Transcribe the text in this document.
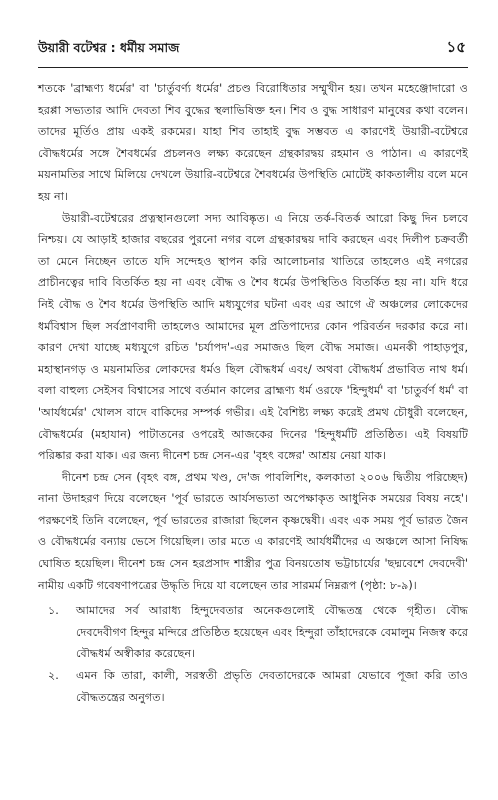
উয়ারী বটেশ্বর : ধর্মীয় সমাজ	১৫

শতকে 'ব্রাহ্মণ্য ধর্মের' বা 'চার্তুবর্ণ্য ধর্মের' প্রচণ্ড বিরোধিতার সম্মুখীন হয়। তখন মহেঞ্জোদারো ও হরপ্পা সভ্যতার আদি দেবতা শিব বুদ্ধের স্থলাভিষিক্ত হন। শিব ও বুদ্ধ সাধারণ মানুষের কথা বলেন। তাদের মূর্তিও প্রায় একই রকমের। যাহা শিব তাহাই বুদ্ধ সম্ভবত এ কারণেই উয়ারী-বটেশ্বরে বৌদ্ধধর্মের সঙ্গে শৈবধর্মের প্রচলনও লক্ষ্য করেছেন গ্রন্থকারদ্বয় রহমান ও পাঠান। এ কারণেই ময়নামতির সাথে মিলিয়ে দেখলে উয়ারি-বটেশ্বরে শৈবধর্মের উপস্থিতি মোটেই কাকতালীয় বলে মনে হয় না।

উয়ারী-বটেশ্বরের প্রত্নস্থানগুলো সদ্য আবিষ্কৃত। এ নিয়ে তর্ক-বিতর্ক আরো কিছু দিন চলবে নিশ্চয়। যে আড়াই হাজার বছরের পুরনো নগর বলে গ্রন্থকারদ্বয় দাবি করছেন এবং দিলীপ চক্রবর্তী তা মেনে নিচ্ছেন তাতে যদি সন্দেহও স্থাপন করি আলোচনার খাতিরে তাহলেও এই নগরের প্রাচীনত্বের দাবি বিতর্কিত হয় না এবং বৌদ্ধ ও শৈব ধর্মের উপস্থিতিও বিতর্কিত হয় না। যদি ধরে নিই বৌদ্ধ ও শৈব ধর্মের উপস্থিতি আদি মধ্যযুগের ঘটনা এবং এর আগে ঐ অঞ্চলের লোকেদের ধর্মবিশ্বাস ছিল সর্বপ্রাণবাদী তাহলেও আমাদের মূল প্রতিপাদ্যের কোন পরিবর্তন দরকার করে না। কারণ দেখা যাচ্ছে মধ্যযুগে রচিত 'চর্যাপদ'-এর সমাজও ছিল বৌদ্ধ সমাজ। এমনকী পাহাড়পুর, মহাস্থানগড় ও ময়নামতির লোকদের ধর্মও ছিল বৌদ্ধধর্ম এবং/ অথবা বৌদ্ধধর্ম প্রভাবিত নাথ ধর্ম। বলা বাহুল্য সেইসব বিশ্বাসের সাথে বর্তমান কালের ব্রাহ্মণ্য ধর্ম ওরফে 'হিন্দুধর্ম' বা 'চাতুর্বর্ণ ধর্ম' বা 'আর্যধর্মের' খোলস বাদে বাকিদের সম্পর্ক গভীর। এই বৈশিষ্ট্য লক্ষ্য করেই প্রমথ চৌধুরী বলেছেন, বৌদ্ধধর্মের (মহাযান) পাটাতনের ওপরেই আজকের দিনের 'হিন্দুধর্মটি প্রতিষ্ঠিত। এই বিষয়টি পরিষ্কার করা যাক। এর জন্য দীনেশ চন্দ্র সেন-এর 'বৃহৎ বঙ্গের' আশ্রয় নেয়া যাক।

দীনেশ চন্দ্র সেন (বৃহৎ বঙ্গ, প্রথম খণ্ড, দে'জ পাবলিশিং, কলকাতা ২০০৬ দ্বিতীয় পরিচ্ছেদ) নানা উদাহরণ দিয়ে বলেছেন 'পূর্ব ভারতে আর্যসভ্যতা অপেক্ষাকৃত আধুনিক সময়ের বিষয় নহে'। পরক্ষণেই তিনি বলেছেন, পূর্ব ভারতের রাজারা ছিলেন কৃষ্ণদ্বেষী। এবং এক সময় পূর্ব ভারত জৈন ও বৌদ্ধধর্মের বন্যায় ভেসে গিয়েছিল। তার মতে এ কারণেই আর্যধর্মীদের এ অঞ্চলে আসা নিষিদ্ধ ঘোষিত হয়েছিল। দীনেশ চন্দ্র সেন হরপ্রসাদ শাস্ত্রীর পুত্র বিনয়তোষ ভট্টাচার্যের 'ছদ্মবেশে দেবদেবী' নামীয় একটি গবেষণাপত্রের উদ্ধৃতি দিয়ে যা বলেছেন তার সারমর্ম নিম্নরূপ (পৃষ্ঠা: ৮-৯)।

১.	আমাদের সর্ব আরাধ্য হিন্দুদেবতার অনেকগুলোই বৌদ্ধতন্ত্র থেকে গৃহীত। বৌদ্ধ দেবদেবীগণ হিন্দুর মন্দিরে প্রতিষ্ঠিত হয়েছেন এবং হিন্দুরা তাঁহাদেরকে বেমালুম নিজস্ব করে বৌদ্ধধর্ম অস্বীকার করেছেন।
২.	এমন কি তারা, কালী, সরস্বতী প্রভৃতি দেবতাদেরকে আমরা যেভাবে পূজা করি তাও বৌদ্ধতন্ত্রের অনুগত।
